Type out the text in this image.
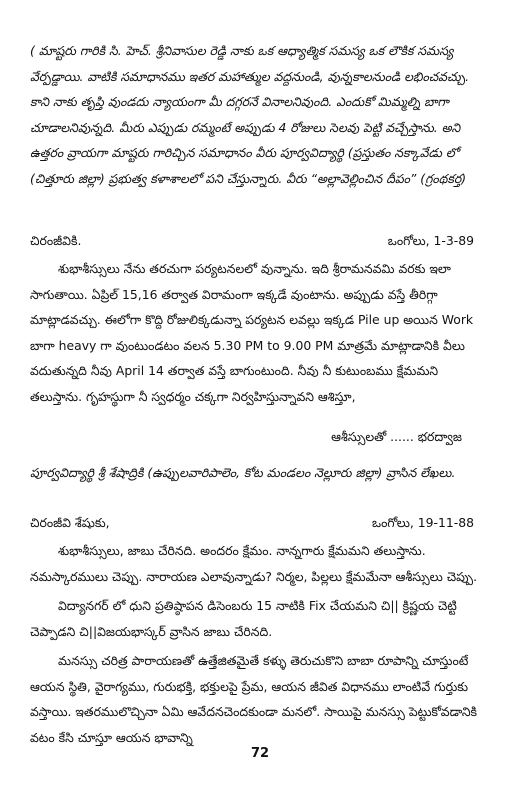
( మాష్టరు గారికి సి. హెచ్. శ్రీనివాసుల రెడ్డి నాకు ఒక ఆధ్యాత్మిక సమస్య ఒక లౌకిక సమస్య వేర్పడ్డాయి. వాటికి సమాధానము ఇతర మహాత్ముల వద్దనుండి, వున్నకాలనుండి లభించవచ్చు. కాని నాకు తృప్తి వుండదు న్యాయంగా మీ దగ్గరనే వినాలనివుంది. ఎందుకో మిమ్మల్ని బాగా చూడాలనివున్నది. మీరు ఎప్పుడు రమ్మంటే అప్పుడు 4 రోజులు సెలవు పెట్టి వచ్చేస్తాను. అని ఉత్తరం వ్రాయగా మాష్టరు గారిచ్చిన సమాధానం వీరు పూర్వవిద్యార్థి (ప్రస్తుతం నక్కావేడు లో (చిత్తూరు జిల్లా) ప్రభుత్వ కళాశాలలో పని చేస్తున్నారు. వీరు “అల్లావెల్లించిన దీపం” (గ్రంథకర్త)

చిరంజీవికి.	ఒంగోలు, 1-3-89

శుభాశీస్సులు నేను తరచుగా పర్యటనలలో వున్నాను. ఇది శ్రీరామనవమి వరకు ఇలా సాగుతాయి. ఏప్రిల్ 15,16 తర్వాత విరామంగా ఇక్కడే వుంటాను. అప్పుడు వస్తే తీరిగ్గా మాట్లాడవచ్చు. ఈలోగా కొద్ది రోజులిక్కడున్నా పర్యటన లవల్లు ఇక్కడ Pile up అయిన Work బాగా heavy గా వుంటుండటం వలన 5.30 PM to 9.00 PM మాత్రమే మాట్లాడానికి వీలు వదుతున్నది నీవు April 14 తర్వాత వస్తే బాగుంటుంది. నీవు నీ కుటుంబము క్షేమమని తలుస్తాను. గృహస్థుగా నీ స్వధర్మం చక్కగా నిర్వహిస్తున్నావని ఆశిస్తూ,

ఆశీస్సులతో ...... భరద్వాజ

పూర్వవిద్యార్థి శ్రీ శేషాద్రికి (ఉప్పులవారిపాలెం, కోట మండలం నెల్లూరు జిల్లా) వ్రాసిన లేఖలు.

చిరంజీవి శేషుకు,	ఒంగోలు, 19-11-88

శుభాశీస్సులు, జాబు చేరినది. అందరం క్షేమం. నాన్నగారు క్షేమమని తలుస్తాను. నమస్కారములు చెప్పు. నారాయణ ఎలావున్నాడు? నిర్మల, పిల్లలు క్షేమమేనా ఆశీస్సులు చెప్పు.

విద్యానగర్ లో ధుని ప్రతిష్ఠాపన డిసెంబరు 15 నాటికి Fix చేయమని చి|| క్రిష్ణయ చెట్టి చెప్పాడని చి||విజయభాస్కర్ వ్రాసిన జాబు చేరినది.

మనస్సు చరిత్ర పారాయణతో ఉత్తేజితమైతే కళ్ళు తెరుచుకొని బాబా రూపాన్ని చూస్తుంటే ఆయన స్థితి, వైరాగ్యము, గురుభక్తి, భక్తులపై ప్రేమ, ఆయన జీవిత విధానము లాంటివే గుర్తుకు వస్తాయి. ఇతరములొచ్చినా ఏమి ఆవేదనచెందకుండా మనలో. సాయిపై మనస్సు పెట్టుకోవడానికి వటం కేసి చూస్తూ ఆయన భావాన్ని

72
